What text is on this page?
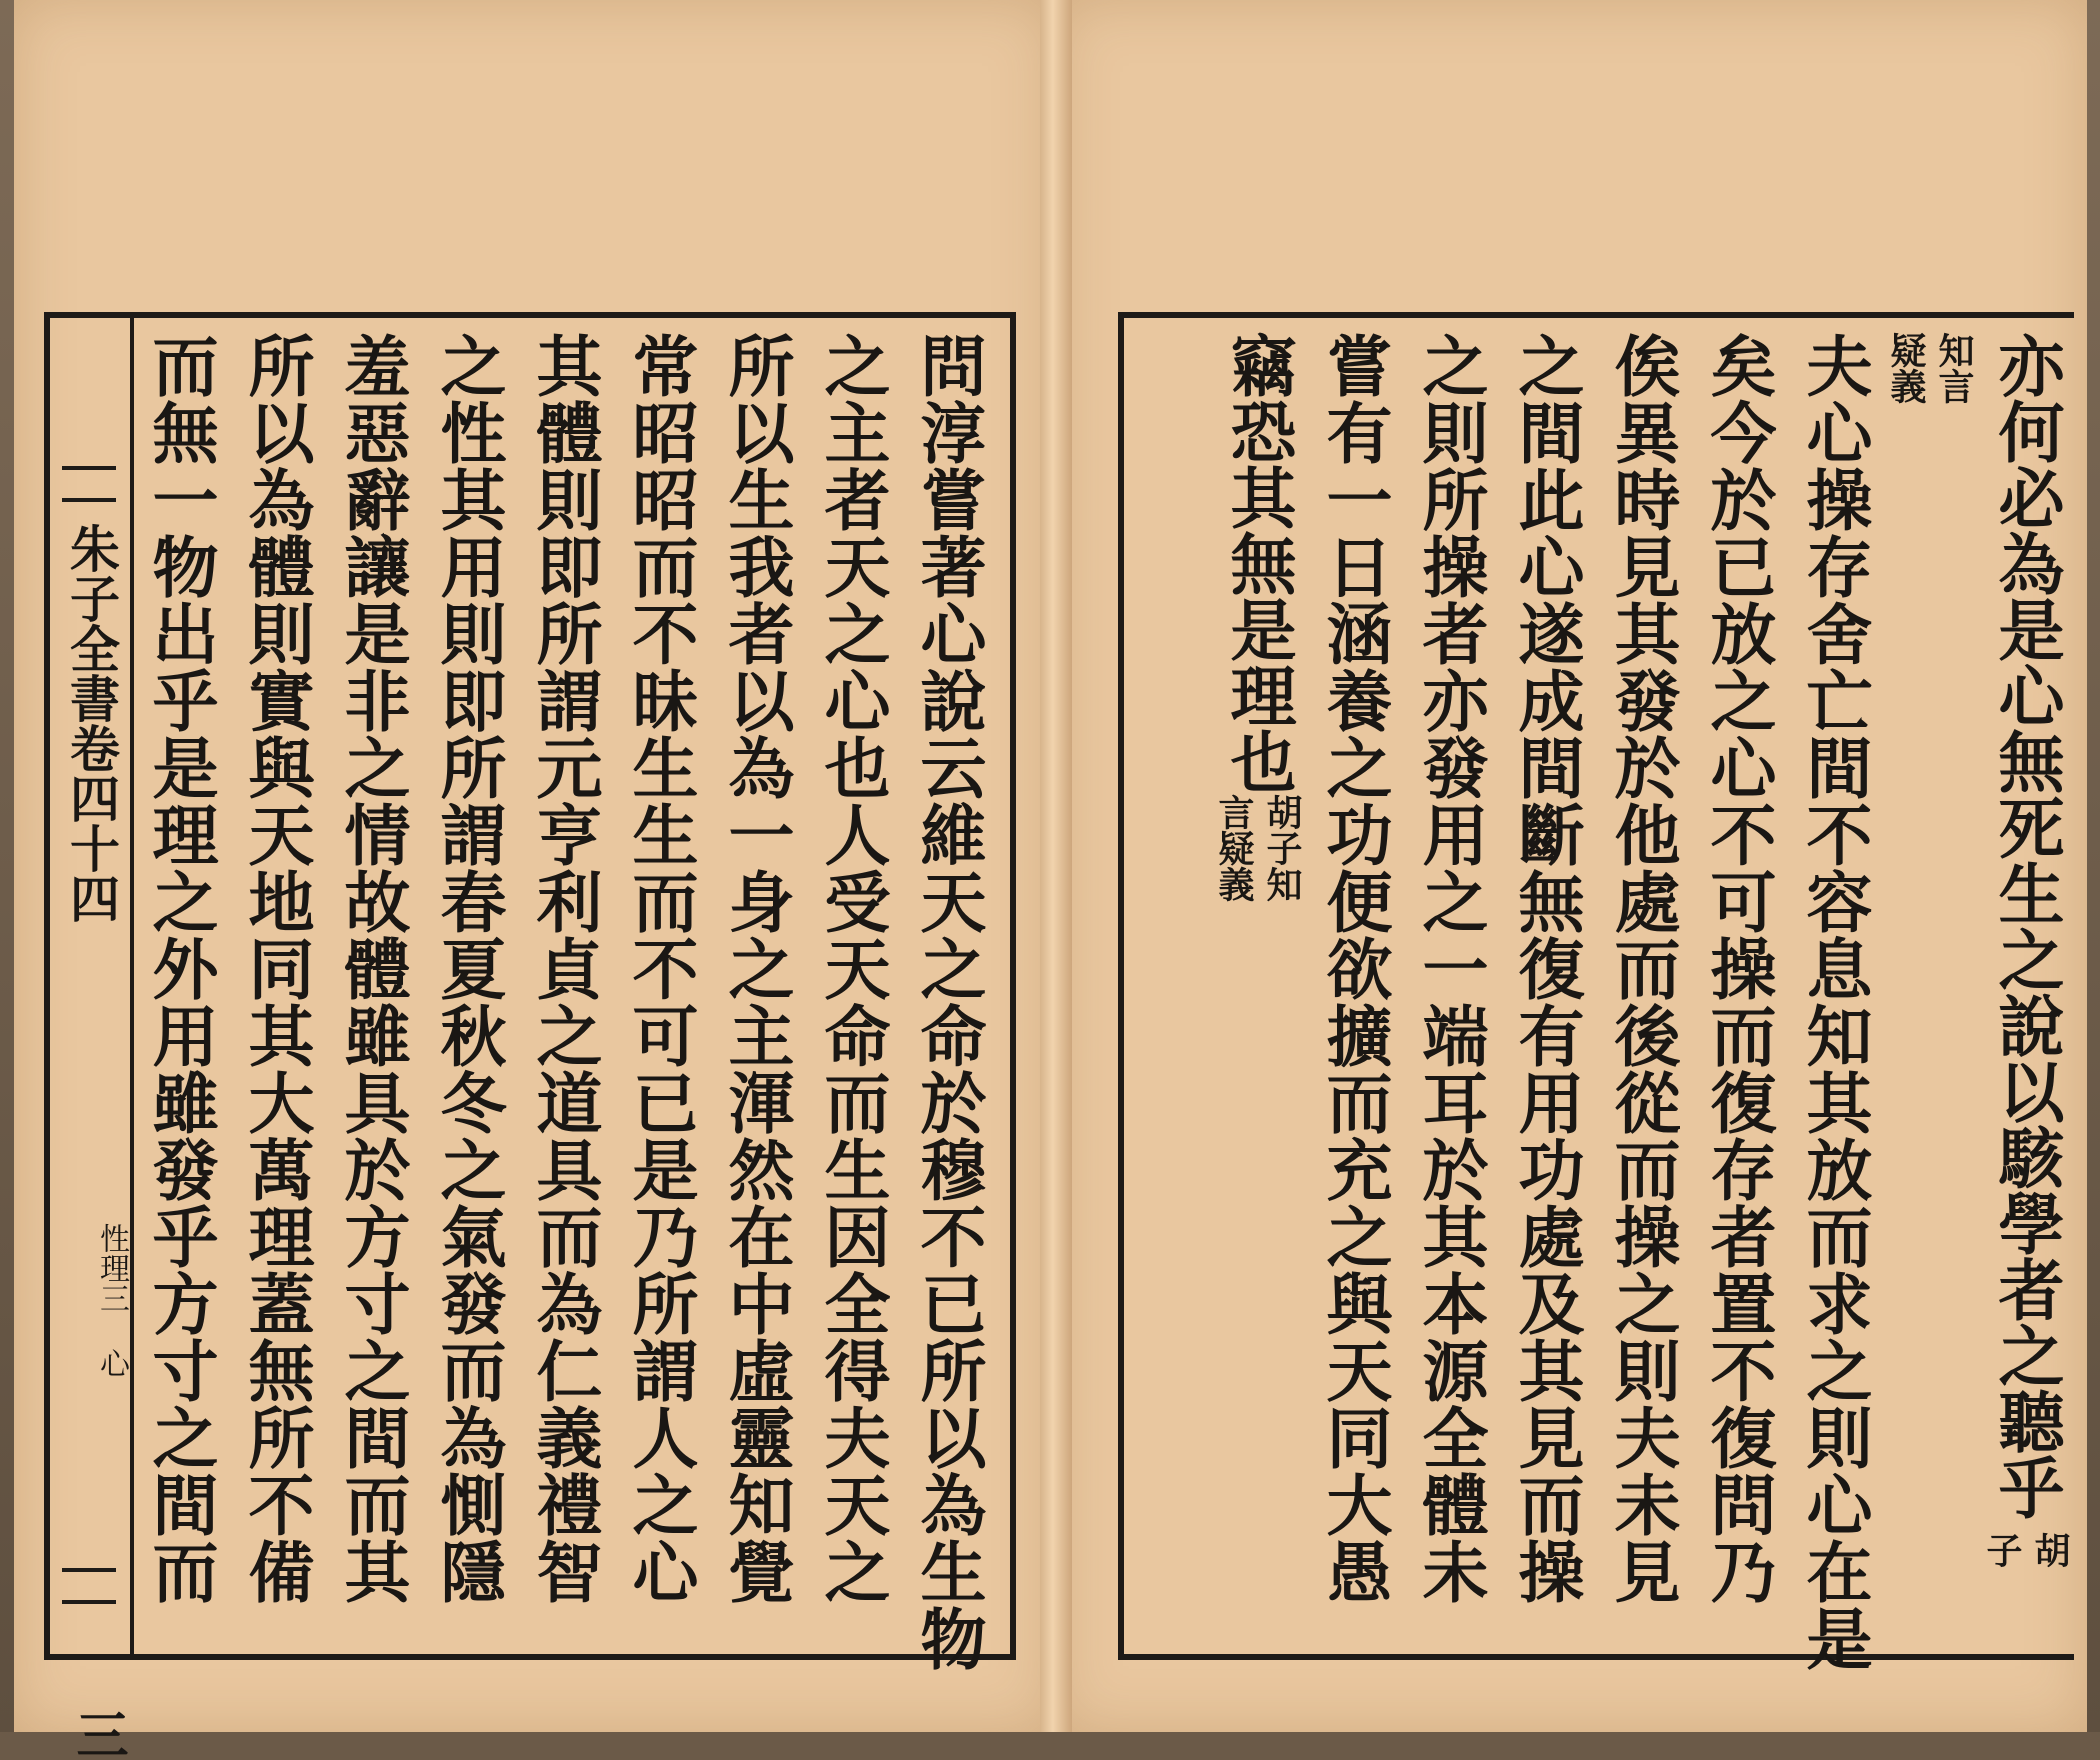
朱子全書卷四十四
性理三 心
三
問淳嘗著心說云維天之命於穆不已所以為生物
之主者天之心也人受天命而生因全得夫天之
所以生我者以為一身之主渾然在中虛靈知覺
常昭昭而不昧生生而不可已是乃所謂人之心
其體則即所謂元亨利貞之道具而為仁義禮智
之性其用則即所謂春夏秋冬之氣發而為惻隱
羞惡辭讓是非之情故體雖具於方寸之間而其
所以為體則實與天地同其大萬理蓋無所不備
而無一物出乎是理之外用雖發乎方寸之間而	亦何必為是心無死生之說以駭學者之聽乎
胡
子
知言
疑義
夫心操存舍亡間不容息知其放而求之則心在是
矣今於已放之心不可操而復存者置不復問乃
俟異時見其發於他處而後從而操之則夫未見
之間此心遂成間斷無復有用功處及其見而操
之則所操者亦發用之一端耳於其本源全體未
嘗有一日涵養之功便欲擴而充之與天同大愚
竊恐其無是理也
胡子知
言疑義
